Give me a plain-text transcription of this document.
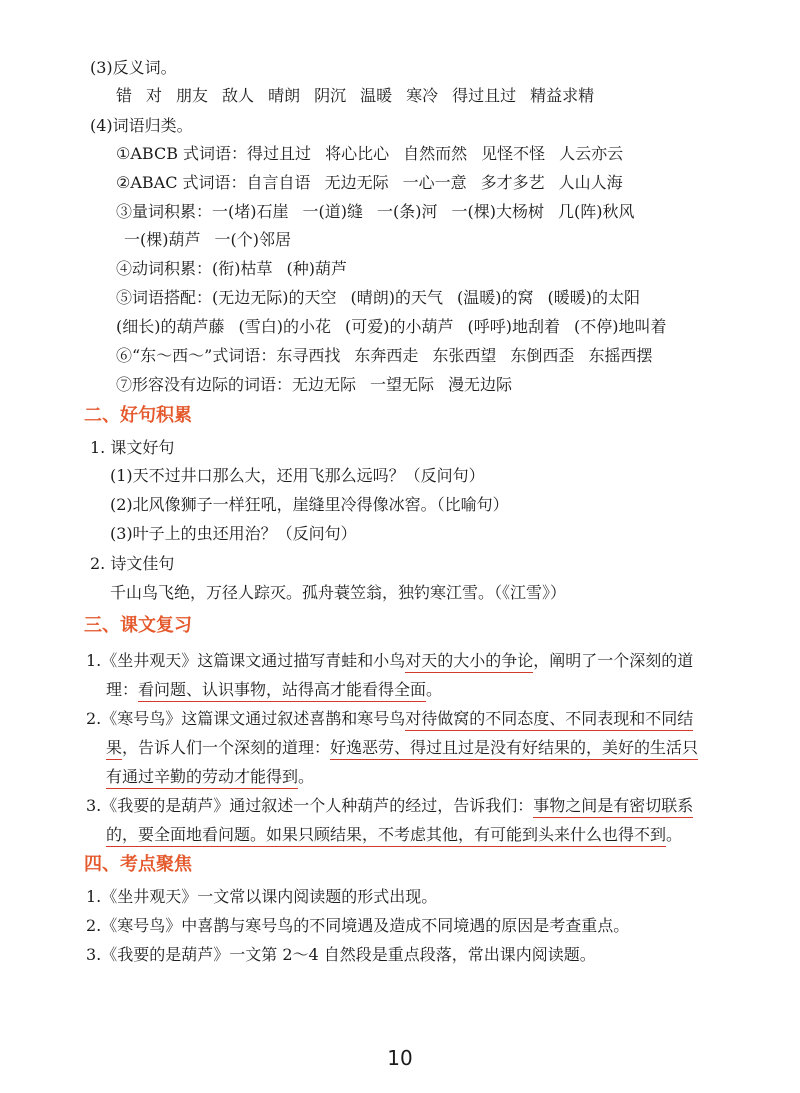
(3)反义词。
错 对 朋友 敌人 晴朗 阴沉 温暖 寒冷 得过且过 精益求精
(4)词语归类。
①ABCB 式词语：得过且过 将心比心 自然而然 见怪不怪 人云亦云
②ABAC 式词语：自言自语 无边无际 一心一意 多才多艺 人山人海
③量词积累：一(堵)石崖 一(道)缝 一(条)河 一(棵)大杨树 几(阵)秋风
一(棵)葫芦 一(个)邻居
④动词积累：(衔)枯草 (种)葫芦
⑤词语搭配：(无边无际)的天空 (晴朗)的天气 (温暖)的窝 (暖暖)的太阳
(细长)的葫芦藤 (雪白)的小花 (可爱)的小葫芦 (呼呼)地刮着 (不停)地叫着
⑥“东～西～”式词语：东寻西找 东奔西走 东张西望 东倒西歪 东摇西摆
⑦形容没有边际的词语：无边无际 一望无际 漫无边际
二、好句积累
1. 课文好句
(1)天不过井口那么大，还用飞那么远吗？（反问句）
(2)北风像狮子一样狂吼，崖缝里冷得像冰窖。（比喻句）
(3)叶子上的虫还用治？（反问句）
2. 诗文佳句
千山鸟飞绝，万径人踪灭。孤舟蓑笠翁，独钓寒江雪。（《江雪》）
三、课文复习
1.《坐井观天》这篇课文通过描写青蛙和小鸟对天的大小的争论，阐明了一个深刻的道
理：看问题、认识事物，站得高才能看得全面。
2.《寒号鸟》这篇课文通过叙述喜鹊和寒号鸟对待做窝的不同态度、不同表现和不同结
果，告诉人们一个深刻的道理：好逸恶劳、得过且过是没有好结果的，美好的生活只
有通过辛勤的劳动才能得到。
3.《我要的是葫芦》通过叙述一个人种葫芦的经过，告诉我们：事物之间是有密切联系
的，要全面地看问题。如果只顾结果，不考虑其他，有可能到头来什么也得不到。
四、考点聚焦
1.《坐井观天》一文常以课内阅读题的形式出现。
2.《寒号鸟》中喜鹊与寒号鸟的不同境遇及造成不同境遇的原因是考查重点。
3.《我要的是葫芦》一文第 2～4 自然段是重点段落，常出课内阅读题。
10
